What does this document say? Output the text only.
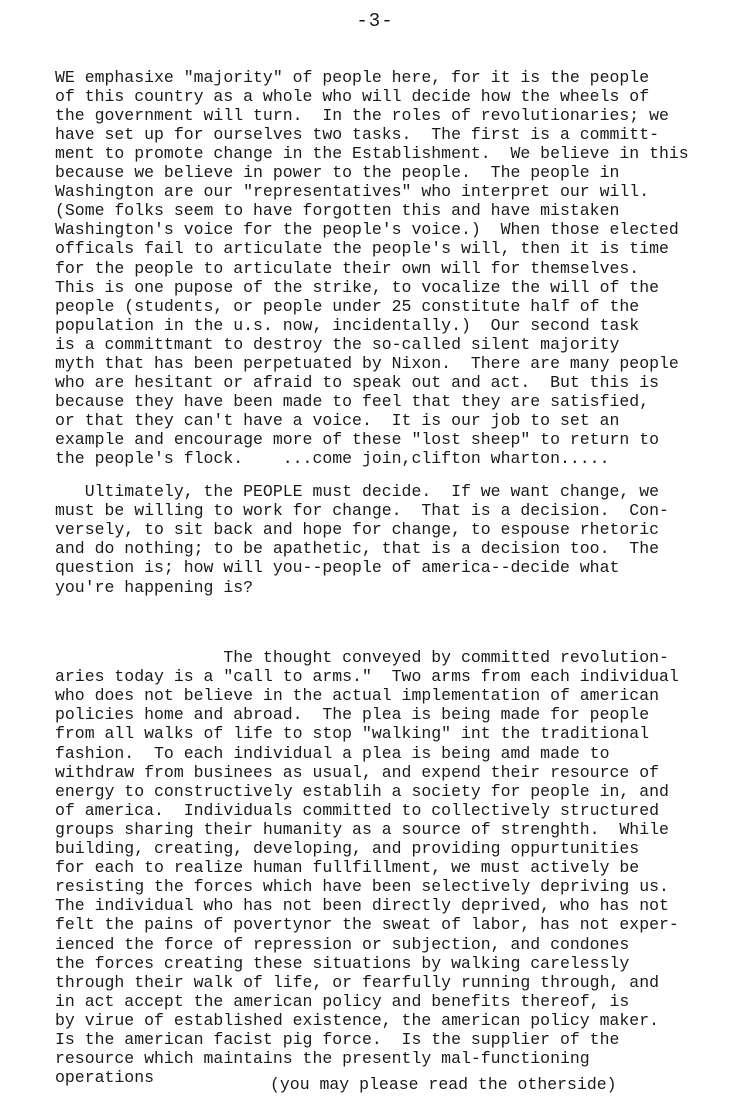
-3-
WE emphasixe "majority" of people here, for it is the people
of this country as a whole who will decide how the wheels of
the government will turn.  In the roles of revolutionaries; we
have set up for ourselves two tasks.  The first is a committ-
ment to promote change in the Establishment.  We believe in this
because we believe in power to the people.  The people in
Washington are our "representatives" who interpret our will.
(Some folks seem to have forgotten this and have mistaken
Washington's voice for the people's voice.)  When those elected
officals fail to articulate the people's will, then it is time
for the people to articulate their own will for themselves.
This is one pupose of the strike, to vocalize the will of the
people (students, or people under 25 constitute half of the
population in the u.s. now, incidentally.)  Our second task
is a committmant to destroy the so-called silent majority
myth that has been perpetuated by Nixon.  There are many people
who are hesitant or afraid to speak out and act.  But this is
because they have been made to feel that they are satisfied,
or that they can't have a voice.  It is our job to set an
example and encourage more of these "lost sheep" to return to
the people's flock.    ...come join,clifton wharton.....
Ultimately, the PEOPLE must decide.  If we want change, we
must be willing to work for change.  That is a decision.  Con-
versely, to sit back and hope for change, to espouse rhetoric
and do nothing; to be apathetic, that is a decision too.  The
question is; how will you--people of america--decide what
you're happening is?
The thought conveyed by committed revolution-
aries today is a "call to arms."  Two arms from each individual
who does not believe in the actual implementation of american
policies home and abroad.  The plea is being made for people
from all walks of life to stop "walking" int the traditional
fashion.  To each individual a plea is being amd made to
withdraw from businees as usual, and expend their resource of
energy to constructively establih a society for people in, and
of america.  Individuals committed to collectively structured
groups sharing their humanity as a source of strenghth.  While
building, creating, developing, and providing oppurtunities
for each to realize human fullfillment, we must actively be
resisting the forces which have been selectively depriving us.
The individual who has not been directly deprived, who has not
felt the pains of povertynor the sweat of labor, has not exper-
ienced the force of repression or subjection, and condones
the forces creating these situations by walking carelessly
through their walk of life, or fearfully running through, and
in act accept the american policy and benefits thereof, is
by virue of established existence, the american policy maker.
Is the american facist pig force.  Is the supplier of the
resource which maintains the presently mal-functioning
operations	(you may please read the otherside)
